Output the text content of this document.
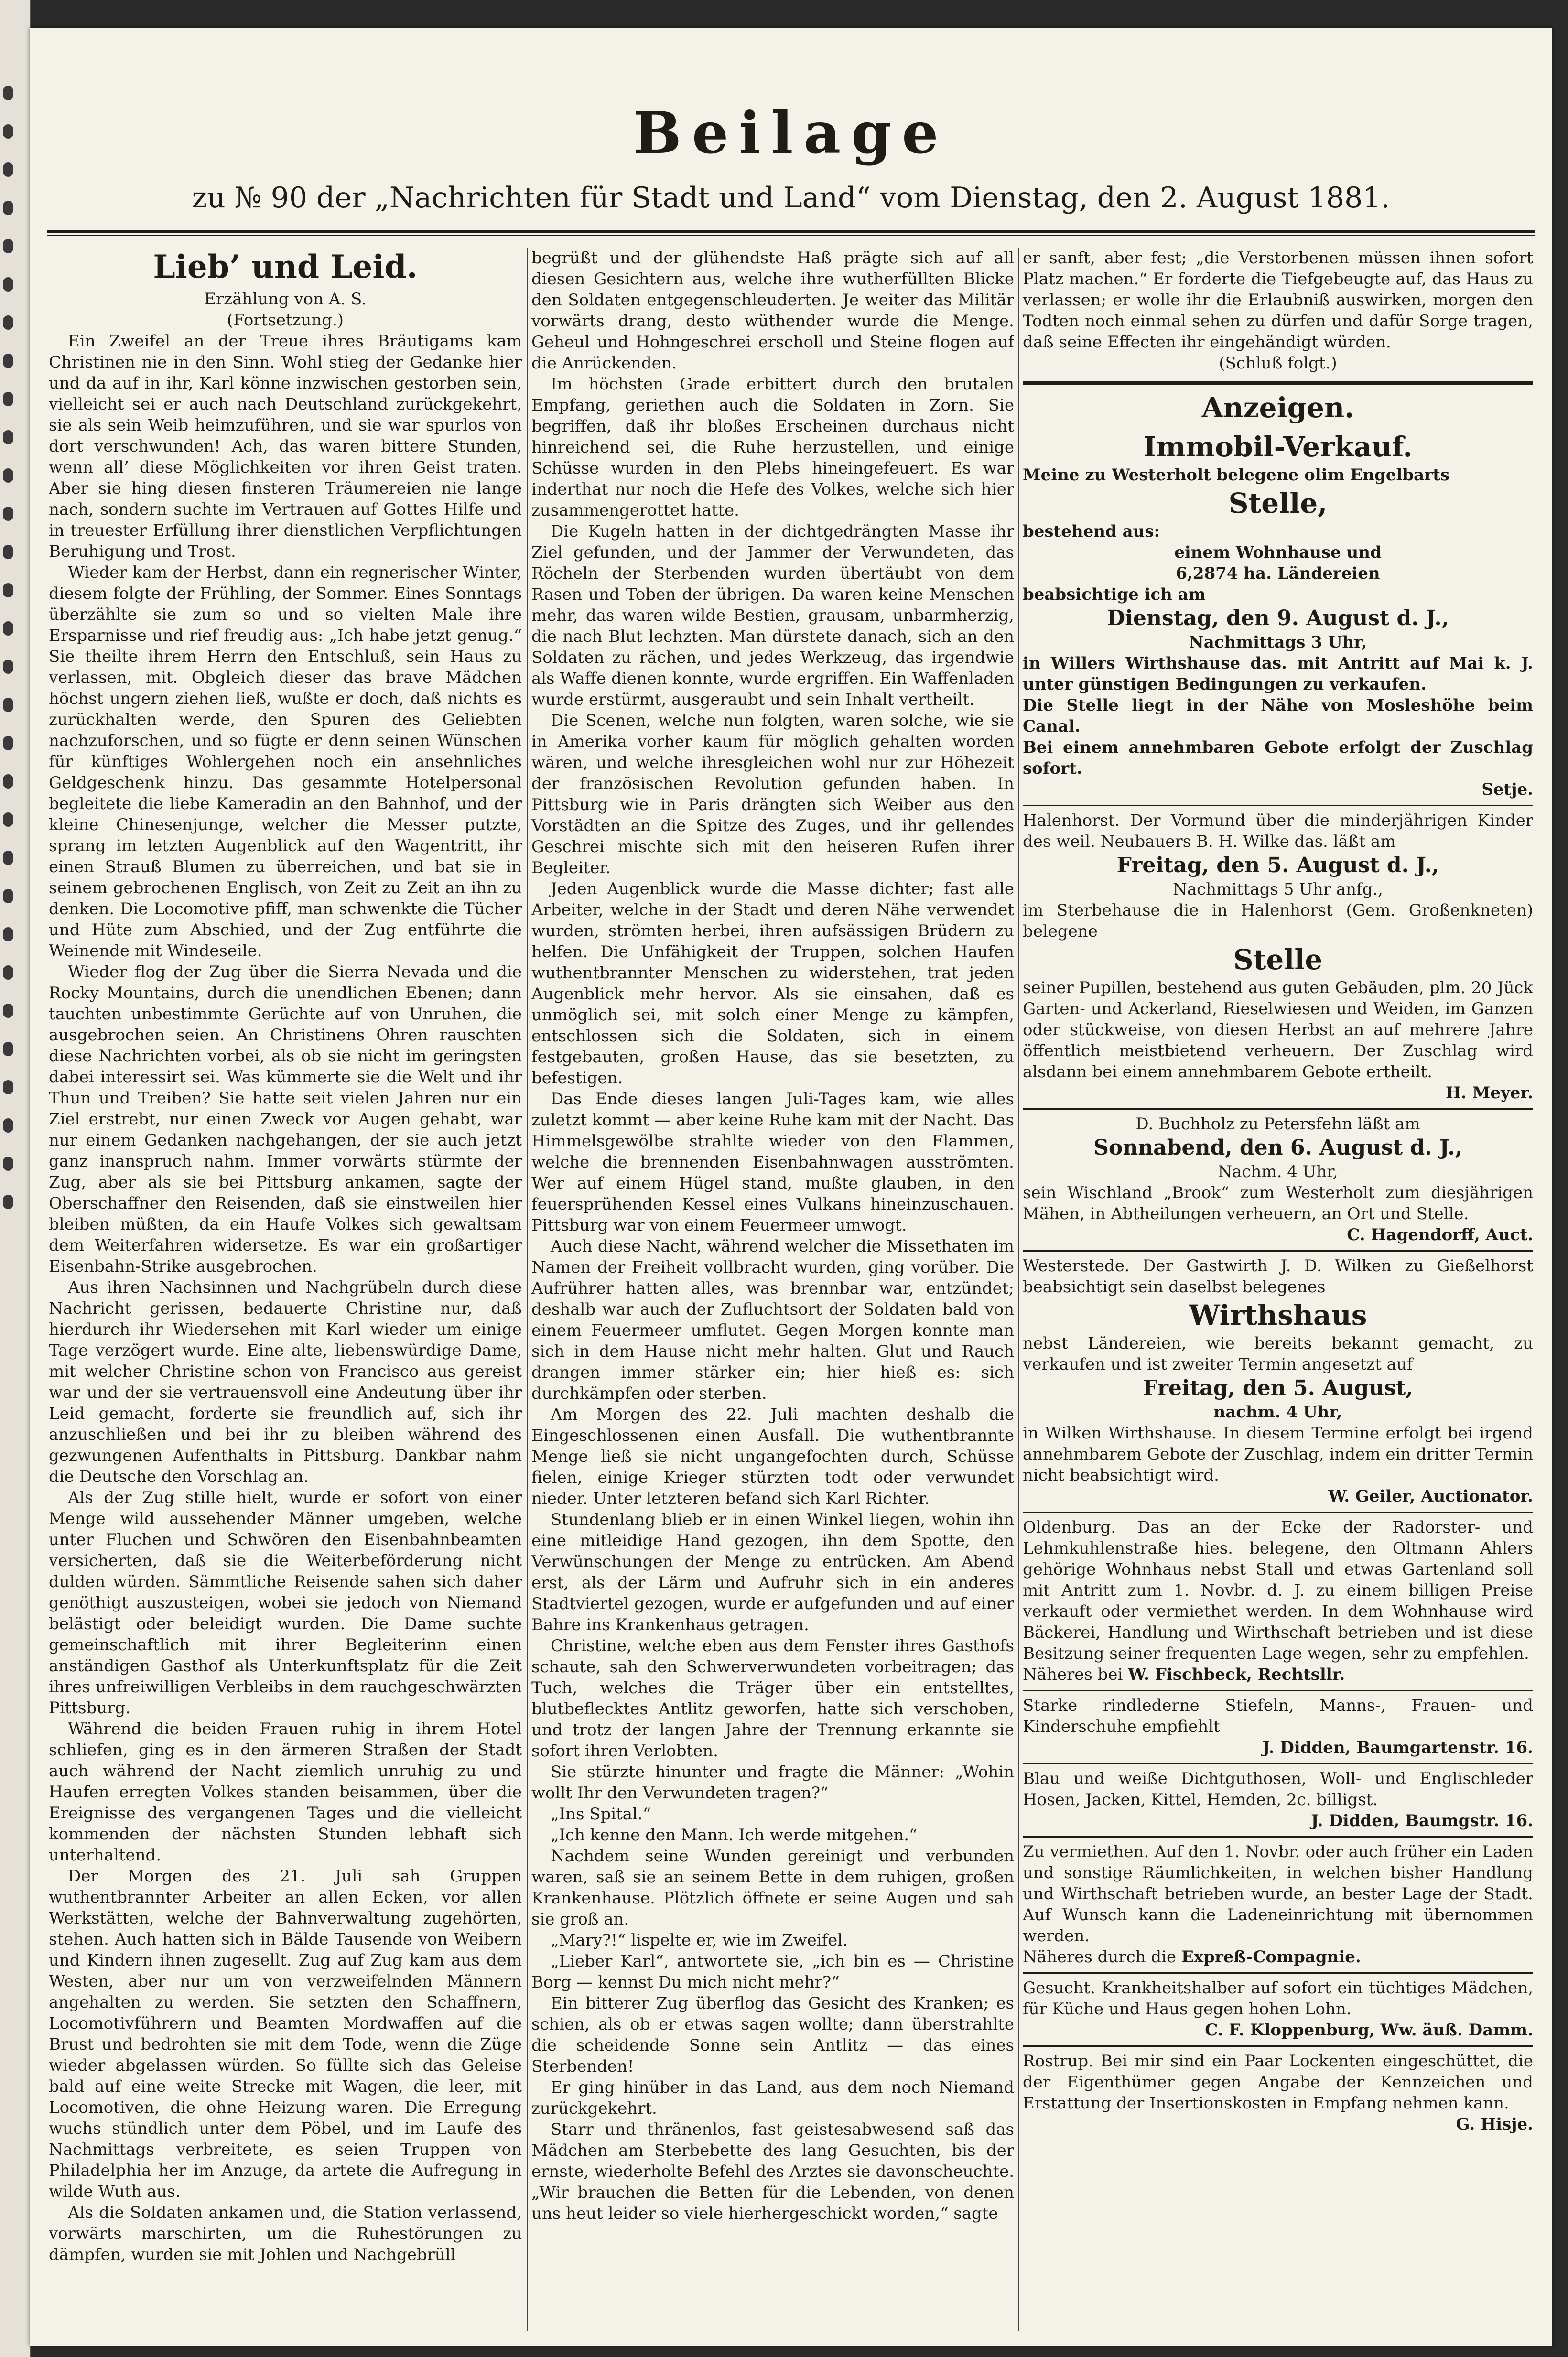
Beilage
zu № 90 der „Nachrichten für Stadt und Land“ vom Dienstag, den 2. August 1881.
Lieb’ und Leid.

Erzählung von A. S.

(Fortsetzung.)

Ein Zweifel an der Treue ihres Bräutigams kam Christinen nie in den Sinn. Wohl stieg der Gedanke hier und da auf in ihr, Karl könne inzwischen gestorben sein, vielleicht sei er auch nach Deutschland zurückgekehrt, sie als sein Weib heimzuführen, und sie war spurlos von dort verschwunden! Ach, das waren bittere Stunden, wenn all’ diese Möglichkeiten vor ihren Geist traten. Aber sie hing diesen finsteren Träumereien nie lange nach, sondern suchte im Vertrauen auf Gottes Hilfe und in treuester Erfüllung ihrer dienstlichen Verpflichtungen Beruhigung und Trost.

Wieder kam der Herbst, dann ein regnerischer Winter, diesem folgte der Frühling, der Sommer. Eines Sonntags überzählte sie zum so und so vielten Male ihre Ersparnisse und rief freudig aus: „Ich habe jetzt genug.“ Sie theilte ihrem Herrn den Entschluß, sein Haus zu verlassen, mit. Obgleich dieser das brave Mädchen höchst ungern ziehen ließ, wußte er doch, daß nichts es zurückhalten werde, den Spuren des Geliebten nachzuforschen, und so fügte er denn seinen Wünschen für künftiges Wohlergehen noch ein ansehnliches Geldgeschenk hinzu. Das gesammte Hotelpersonal begleitete die liebe Kameradin an den Bahnhof, und der kleine Chinesenjunge, welcher die Messer putzte, sprang im letzten Augenblick auf den Wagentritt, ihr einen Strauß Blumen zu überreichen, und bat sie in seinem gebrochenen Englisch, von Zeit zu Zeit an ihn zu denken. Die Locomotive pfiff, man schwenkte die Tücher und Hüte zum Abschied, und der Zug entführte die Weinende mit Windeseile.

Wieder flog der Zug über die Sierra Nevada und die Rocky Mountains, durch die unendlichen Ebenen; dann tauchten unbestimmte Gerüchte auf von Unruhen, die ausgebrochen seien. An Christinens Ohren rauschten diese Nachrichten vorbei, als ob sie nicht im geringsten dabei interessirt sei. Was kümmerte sie die Welt und ihr Thun und Treiben? Sie hatte seit vielen Jahren nur ein Ziel erstrebt, nur einen Zweck vor Augen gehabt, war nur einem Gedanken nachgehangen, der sie auch jetzt ganz inanspruch nahm. Immer vorwärts stürmte der Zug, aber als sie bei Pittsburg ankamen, sagte der Oberschaffner den Reisenden, daß sie einstweilen hier bleiben müßten, da ein Haufe Volkes sich gewaltsam dem Weiterfahren widersetze. Es war ein großartiger Eisenbahn-Strike ausgebrochen.

Aus ihren Nachsinnen und Nachgrübeln durch diese Nachricht gerissen, bedauerte Christine nur, daß hierdurch ihr Wiedersehen mit Karl wieder um einige Tage verzögert wurde. Eine alte, liebenswürdige Dame, mit welcher Christine schon von Francisco aus gereist war und der sie vertrauensvoll eine Andeutung über ihr Leid gemacht, forderte sie freundlich auf, sich ihr anzuschließen und bei ihr zu bleiben während des gezwungenen Aufenthalts in Pittsburg. Dankbar nahm die Deutsche den Vorschlag an.

Als der Zug stille hielt, wurde er sofort von einer Menge wild aussehender Männer umgeben, welche unter Fluchen und Schwören den Eisenbahnbeamten versicherten, daß sie die Weiterbeförderung nicht dulden würden. Sämmtliche Reisende sahen sich daher genöthigt auszusteigen, wobei sie jedoch von Niemand belästigt oder beleidigt wurden. Die Dame suchte gemeinschaftlich mit ihrer Begleiterinn einen anständigen Gasthof als Unterkunftsplatz für die Zeit ihres unfreiwilligen Verbleibs in dem rauchgeschwärzten Pittsburg.

Während die beiden Frauen ruhig in ihrem Hotel schliefen, ging es in den ärmeren Straßen der Stadt auch während der Nacht ziemlich unruhig zu und Haufen erregten Volkes standen beisammen, über die Ereignisse des vergangenen Tages und die vielleicht kommenden der nächsten Stunden lebhaft sich unterhaltend.

Der Morgen des 21. Juli sah Gruppen wuthentbrannter Arbeiter an allen Ecken, vor allen Werkstätten, welche der Bahnverwaltung zugehörten, stehen. Auch hatten sich in Bälde Tausende von Weibern und Kindern ihnen zugesellt. Zug auf Zug kam aus dem Westen, aber nur um von verzweifelnden Männern angehalten zu werden. Sie setzten den Schaffnern, Locomotivführern und Beamten Mordwaffen auf die Brust und bedrohten sie mit dem Tode, wenn die Züge wieder abgelassen würden. So füllte sich das Geleise bald auf eine weite Strecke mit Wagen, die leer, mit Locomotiven, die ohne Heizung waren. Die Erregung wuchs stündlich unter dem Pöbel, und im Laufe des Nachmittags verbreitete, es seien Truppen von Philadelphia her im Anzuge, da artete die Aufregung in wilde Wuth aus.

Als die Soldaten ankamen und, die Station verlassend, vorwärts marschirten, um die Ruhestörungen zu dämpfen, wurden sie mit Johlen und Nachgebrüll

begrüßt und der glühendste Haß prägte sich auf all diesen Gesichtern aus, welche ihre wutherfüllten Blicke den Soldaten entgegenschleuderten. Je weiter das Militär vorwärts drang, desto wüthender wurde die Menge. Geheul und Hohngeschrei erscholl und Steine flogen auf die Anrückenden.

Im höchsten Grade erbittert durch den brutalen Empfang, geriethen auch die Soldaten in Zorn. Sie begriffen, daß ihr bloßes Erscheinen durchaus nicht hinreichend sei, die Ruhe herzustellen, und einige Schüsse wurden in den Plebs hineingefeuert. Es war inderthat nur noch die Hefe des Volkes, welche sich hier zusammengerottet hatte.

Die Kugeln hatten in der dichtgedrängten Masse ihr Ziel gefunden, und der Jammer der Verwundeten, das Röcheln der Sterbenden wurden übertäubt von dem Rasen und Toben der übrigen. Da waren keine Menschen mehr, das waren wilde Bestien, grausam, unbarmherzig, die nach Blut lechzten. Man dürstete danach, sich an den Soldaten zu rächen, und jedes Werkzeug, das irgendwie als Waffe dienen konnte, wurde ergriffen. Ein Waffenladen wurde erstürmt, ausgeraubt und sein Inhalt vertheilt.

Die Scenen, welche nun folgten, waren solche, wie sie in Amerika vorher kaum für möglich gehalten worden wären, und welche ihresgleichen wohl nur zur Höhezeit der französischen Revolution gefunden haben. In Pittsburg wie in Paris drängten sich Weiber aus den Vorstädten an die Spitze des Zuges, und ihr gellendes Geschrei mischte sich mit den heiseren Rufen ihrer Begleiter.

Jeden Augenblick wurde die Masse dichter; fast alle Arbeiter, welche in der Stadt und deren Nähe verwendet wurden, strömten herbei, ihren aufsässigen Brüdern zu helfen. Die Unfähigkeit der Truppen, solchen Haufen wuthentbrannter Menschen zu widerstehen, trat jeden Augenblick mehr hervor. Als sie einsahen, daß es unmöglich sei, mit solch einer Menge zu kämpfen, entschlossen sich die Soldaten, sich in einem festgebauten, großen Hause, das sie besetzten, zu befestigen.

Das Ende dieses langen Juli-Tages kam, wie alles zuletzt kommt — aber keine Ruhe kam mit der Nacht. Das Himmelsgewölbe strahlte wieder von den Flammen, welche die brennenden Eisenbahnwagen ausströmten. Wer auf einem Hügel stand, mußte glauben, in den feuersprühenden Kessel eines Vulkans hineinzuschauen. Pittsburg war von einem Feuermeer umwogt.

Auch diese Nacht, während welcher die Missethaten im Namen der Freiheit vollbracht wurden, ging vorüber. Die Aufrührer hatten alles, was brennbar war, entzündet; deshalb war auch der Zufluchtsort der Soldaten bald von einem Feuermeer umflutet. Gegen Morgen konnte man sich in dem Hause nicht mehr halten. Glut und Rauch drangen immer stärker ein; hier hieß es: sich durchkämpfen oder sterben.

Am Morgen des 22. Juli machten deshalb die Eingeschlossenen einen Ausfall. Die wuthentbrannte Menge ließ sie nicht ungangefochten durch, Schüsse fielen, einige Krieger stürzten todt oder verwundet nieder. Unter letzteren befand sich Karl Richter.

Stundenlang blieb er in einen Winkel liegen, wohin ihn eine mitleidige Hand gezogen, ihn dem Spotte, den Verwünschungen der Menge zu entrücken. Am Abend erst, als der Lärm und Aufruhr sich in ein anderes Stadtviertel gezogen, wurde er aufgefunden und auf einer Bahre ins Krankenhaus getragen.

Christine, welche eben aus dem Fenster ihres Gasthofs schaute, sah den Schwerverwundeten vorbeitragen; das Tuch, welches die Träger über ein entstelltes, blutbeflecktes Antlitz geworfen, hatte sich verschoben, und trotz der langen Jahre der Trennung erkannte sie sofort ihren Verlobten.

Sie stürzte hinunter und fragte die Männer: „Wohin wollt Ihr den Verwundeten tragen?“

„Ins Spital.“

„Ich kenne den Mann. Ich werde mitgehen.“

Nachdem seine Wunden gereinigt und verbunden waren, saß sie an seinem Bette in dem ruhigen, großen Krankenhause. Plötzlich öffnete er seine Augen und sah sie groß an.

„Mary?!“ lispelte er, wie im Zweifel.

„Lieber Karl“, antwortete sie, „ich bin es — Christine Borg — kennst Du mich nicht mehr?“

Ein bitterer Zug überflog das Gesicht des Kranken; es schien, als ob er etwas sagen wollte; dann überstrahlte die scheidende Sonne sein Antlitz — das eines Sterbenden!

Er ging hinüber in das Land, aus dem noch Niemand zurückgekehrt.

Starr und thränenlos, fast geistesabwesend saß das Mädchen am Sterbebette des lang Gesuchten, bis der ernste, wiederholte Befehl des Arztes sie davonscheuchte. „Wir brauchen die Betten für die Lebenden, von denen uns heut leider so viele hierhergeschickt worden,“ sagte

er sanft, aber fest; „die Verstorbenen müssen ihnen sofort Platz machen.“ Er forderte die Tiefgebeugte auf, das Haus zu verlassen; er wolle ihr die Erlaubniß auswirken, morgen den Todten noch einmal sehen zu dürfen und dafür Sorge tragen, daß seine Effecten ihr eingehändigt würden.

(Schluß folgt.)

Anzeigen.
Immobil-Verkauf.

Meine zu Westerholt belegene olim Engelbarts

Stelle,

bestehend aus:

einem Wohnhause und

6,2874 ha. Ländereien

beabsichtige ich am

Dienstag, den 9. August d. J.,

Nachmittags 3 Uhr,

in Willers Wirthshause das. mit Antritt auf Mai k. J. unter günstigen Bedingungen zu verkaufen.

Die Stelle liegt in der Nähe von Mosleshöhe beim Canal.

Bei einem annehmbaren Gebote erfolgt der Zuschlag sofort.

Setje.

Halenhorst. Der Vormund über die minderjährigen Kinder des weil. Neubauers B. H. Wilke das. läßt am

Freitag, den 5. August d. J.,

Nachmittags 5 Uhr anfg.,

im Sterbehause die in Halenhorst (Gem. Großenkneten) belegene

Stelle

seiner Pupillen, bestehend aus guten Gebäuden, plm. 20 Jück Garten- und Ackerland, Rieselwiesen und Weiden, im Ganzen oder stückweise, von diesen Herbst an auf mehrere Jahre öffentlich meistbietend verheuern. Der Zuschlag wird alsdann bei einem annehmbarem Gebote ertheilt.

H. Meyer.

D. Buchholz zu Petersfehn läßt am

Sonnabend, den 6. August d. J.,

Nachm. 4 Uhr,

sein Wischland „Brook“ zum Westerholt zum diesjährigen Mähen, in Abtheilungen verheuern, an Ort und Stelle.

C. Hagendorff, Auct.

Westerstede. Der Gastwirth J. D. Wilken zu Gießelhorst beabsichtigt sein daselbst belegenes

Wirthshaus

nebst Ländereien, wie bereits bekannt gemacht, zu verkaufen und ist zweiter Termin angesetzt auf

Freitag, den 5. August,

nachm. 4 Uhr,

in Wilken Wirthshause. In diesem Termine erfolgt bei irgend annehmbarem Gebote der Zuschlag, indem ein dritter Termin nicht beabsichtigt wird.

W. Geiler, Auctionator.

Oldenburg. Das an der Ecke der Radorster- und Lehmkuhlenstraße hies. belegene, den Oltmann Ahlers gehörige Wohnhaus nebst Stall und etwas Gartenland soll mit Antritt zum 1. Novbr. d. J. zu einem billigen Preise verkauft oder vermiethet werden. In dem Wohnhause wird Bäckerei, Handlung und Wirthschaft betrieben und ist diese Besitzung seiner frequenten Lage wegen, sehr zu empfehlen.

Näheres bei W. Fischbeck, Rechtsllr.

Starke rindlederne Stiefeln, Manns-, Frauen- und Kinderschuhe empfiehlt

J. Didden, Baumgartenstr. 16.

Blau und weiße Dichtguthosen, Woll- und Englischleder Hosen, Jacken, Kittel, Hemden, 2c. billigst.

J. Didden, Baumgstr. 16.

Zu vermiethen. Auf den 1. Novbr. oder auch früher ein Laden und sonstige Räumlichkeiten, in welchen bisher Handlung und Wirthschaft betrieben wurde, an bester Lage der Stadt. Auf Wunsch kann die Ladeneinrichtung mit übernommen werden.

Näheres durch die Expreß-Compagnie.

Gesucht. Krankheitshalber auf sofort ein tüchtiges Mädchen, für Küche und Haus gegen hohen Lohn.

C. F. Kloppenburg, Ww. äuß. Damm.

Rostrup. Bei mir sind ein Paar Lockenten eingeschüttet, die der Eigenthümer gegen Angabe der Kennzeichen und Erstattung der Insertionskosten in Empfang nehmen kann.

G. Hisje.
